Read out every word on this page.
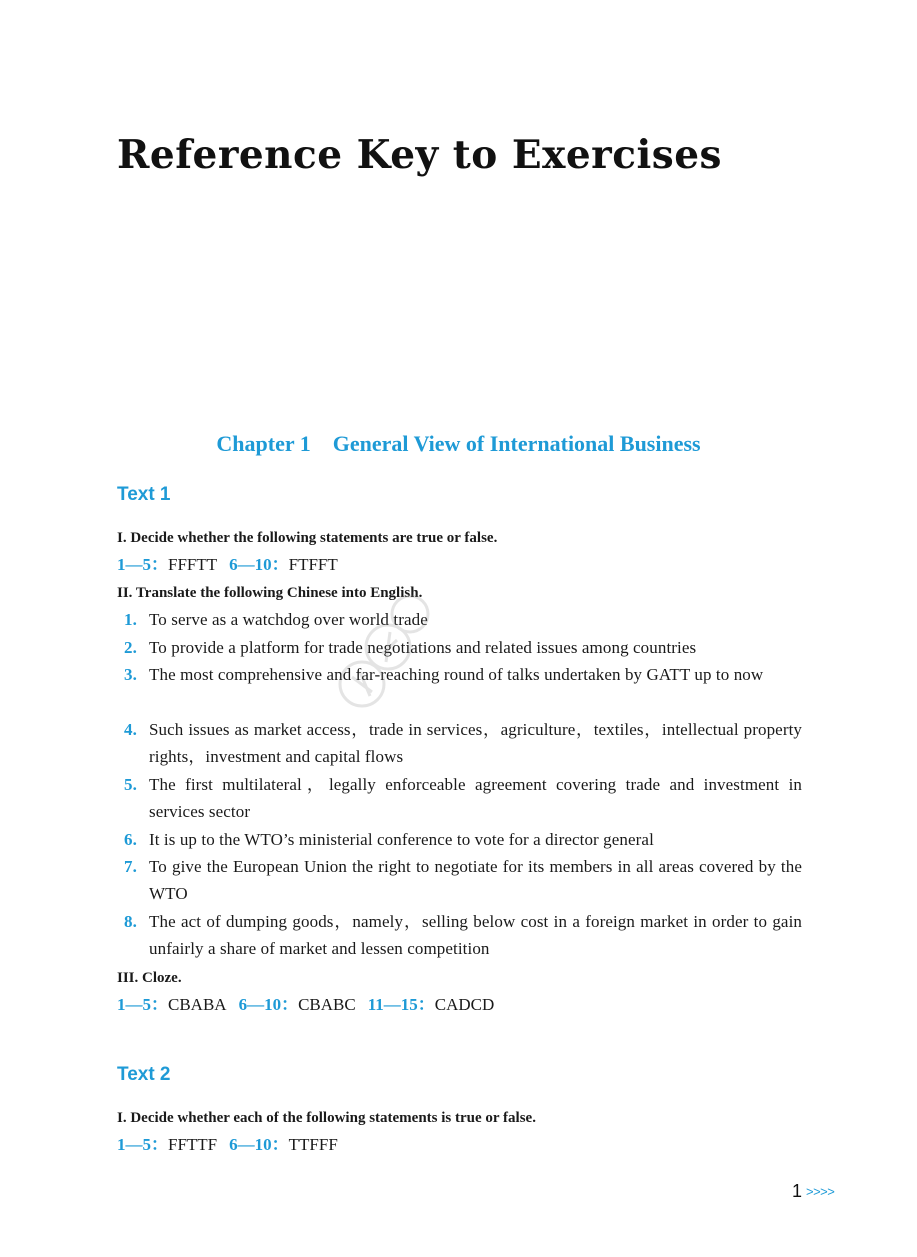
Reference Key to Exercises
Chapter 1    General View of International Business
Text 1
I. Decide whether the following statements are true or false.
1—5：FFFTT 6—10：FTFFT
II. Translate the following Chinese into English.
1. To serve as a watchdog over world trade
2. To provide a platform for trade negotiations and related issues among countries
3. The most comprehensive and far-reaching round of talks undertaken by GATT up to now
4. Such issues as market access，trade in services，agriculture，textiles，intellectual property rights，investment and capital flows
5. The first multilateral，legally enforceable agreement covering trade and investment in services sector
6. It is up to the WTO’s ministerial conference to vote for a director general
7. To give the European Union the right to negotiate for its members in all areas covered by the WTO
8. The act of dumping goods，namely，selling below cost in a foreign market in order to gain unfairly a share of market and lessen competition
III. Cloze.
1—5：CBABA 6—10：CBABC 11—15：CADCD
Text 2
I. Decide whether each of the following statements is true or false.
1—5：FFTTF 6—10：TTFFF
1 >>>>
